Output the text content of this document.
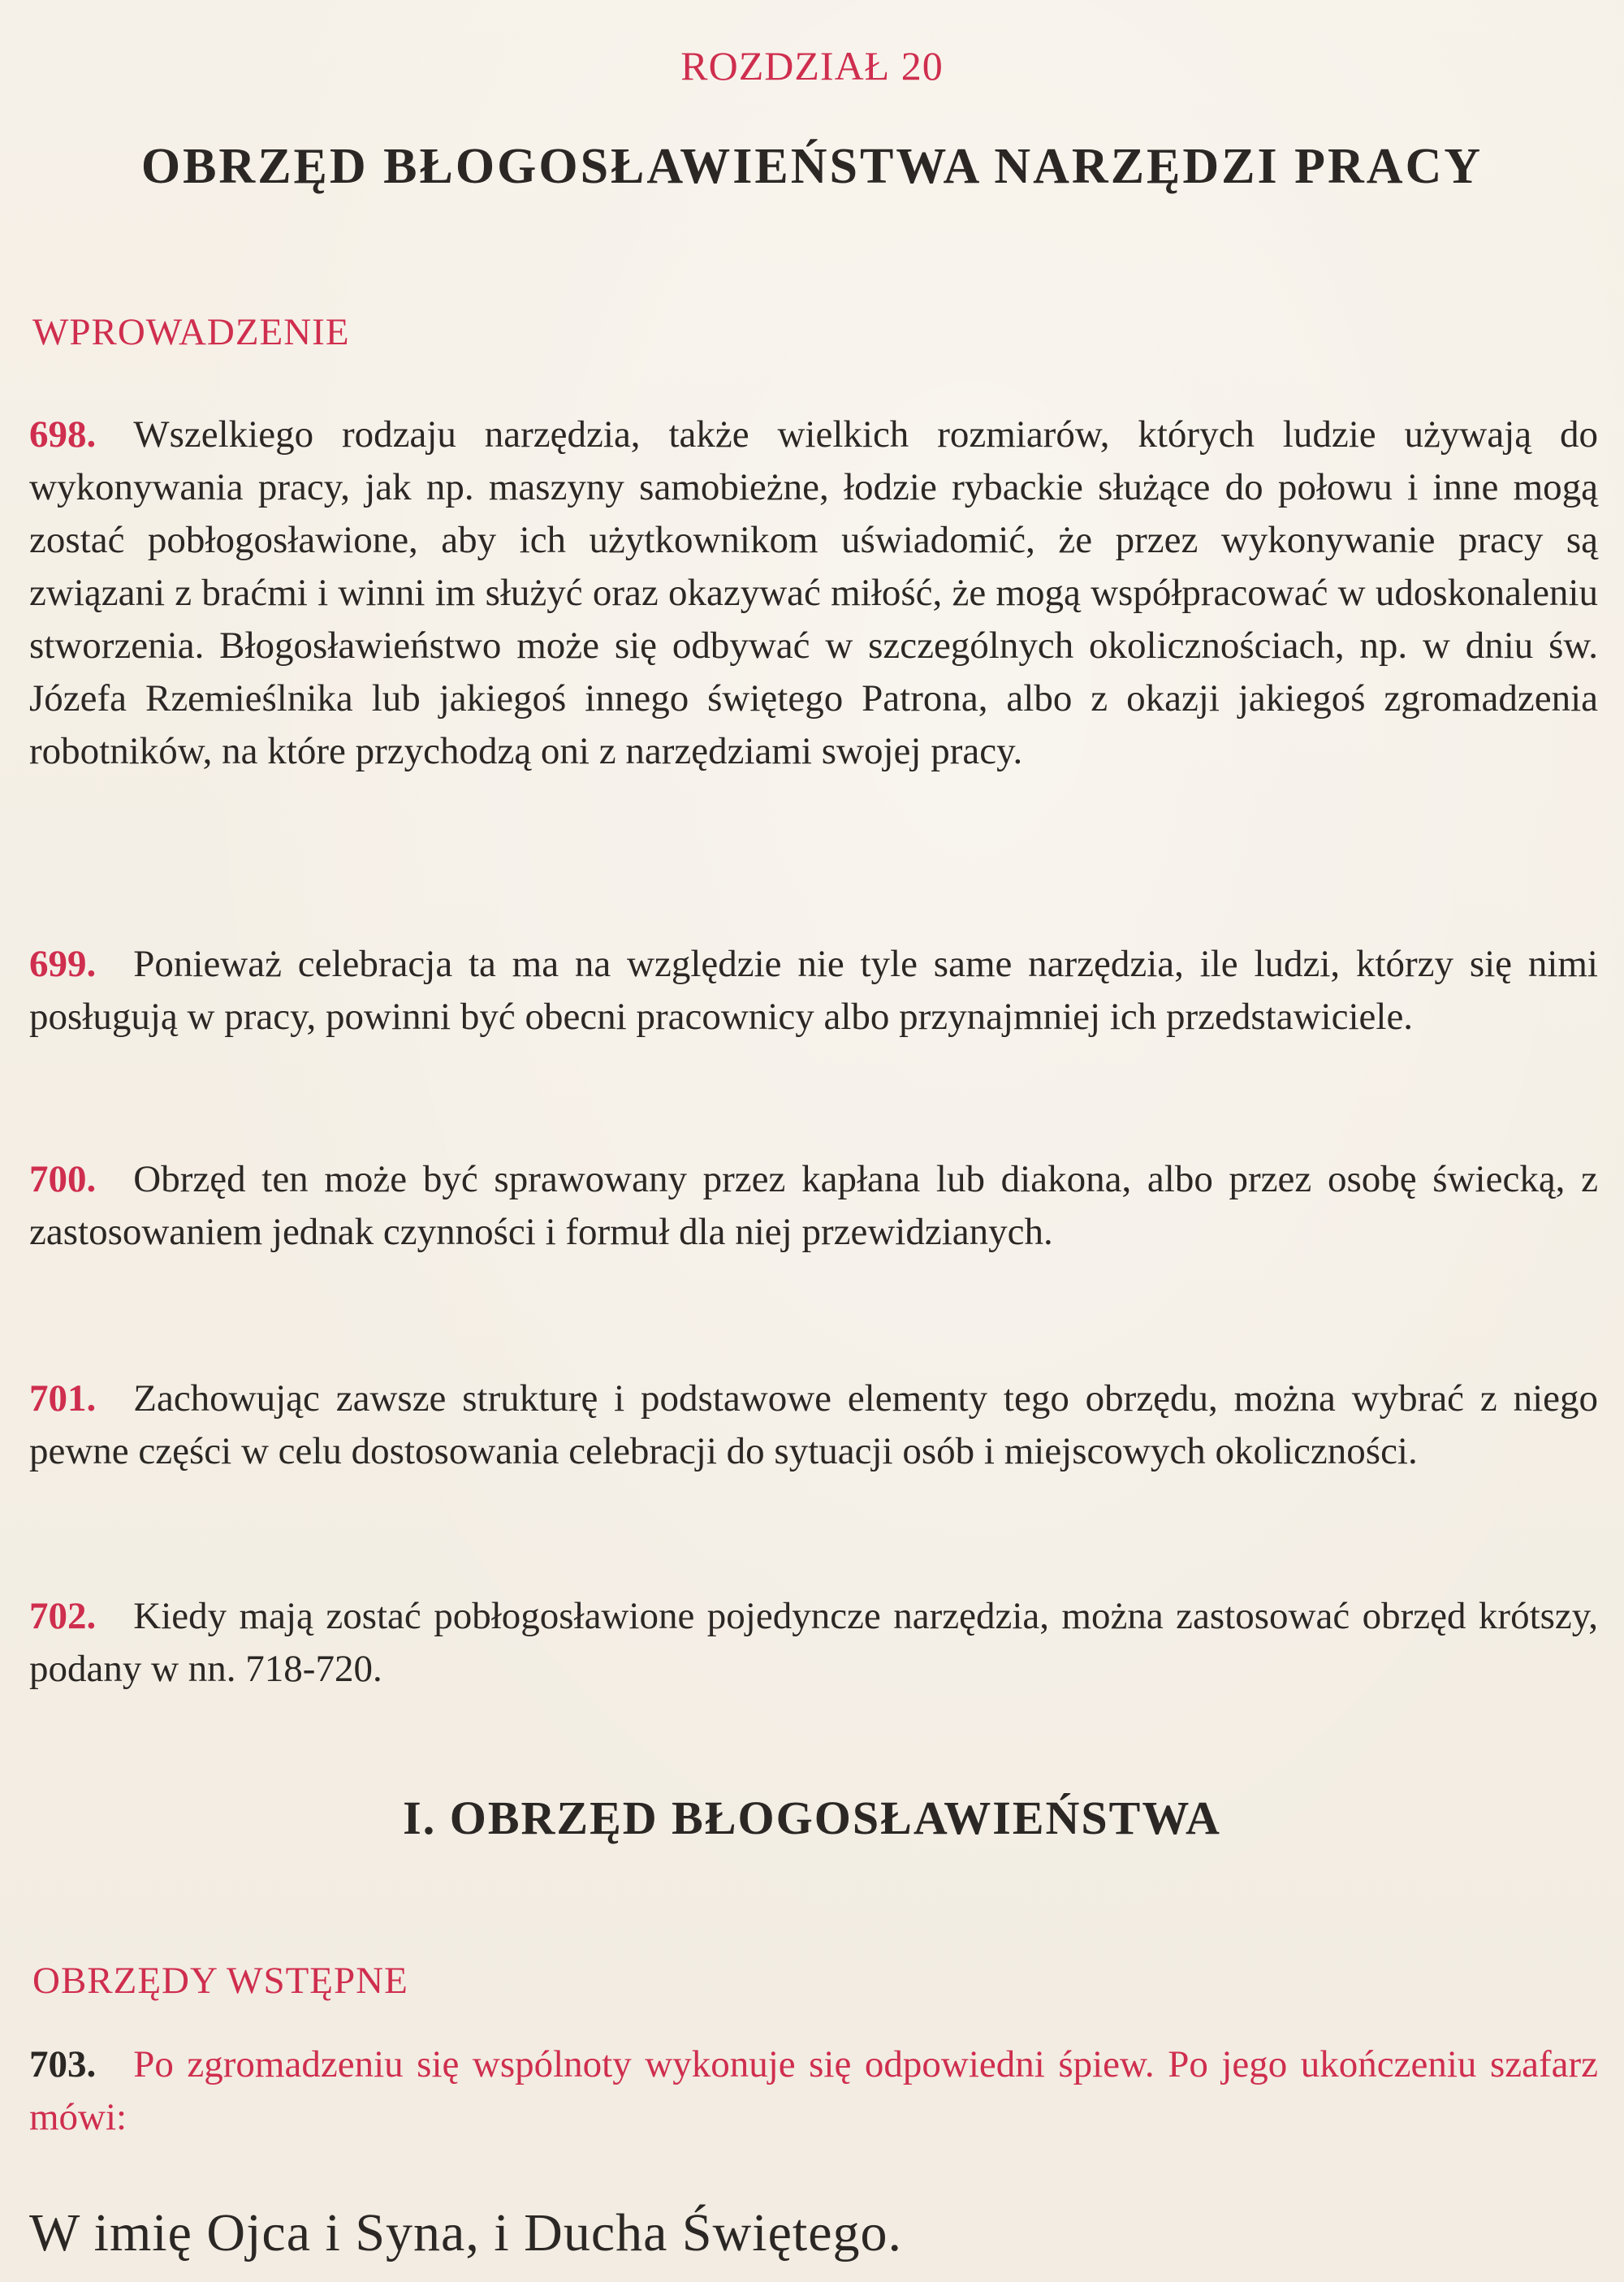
ROZDZIAŁ 20
OBRZĘD BŁOGOSŁAWIEŃSTWA NARZĘDZI PRACY
WPROWADZENIE

698. Wszelkiego rodzaju narzędzia, także wielkich rozmiarów, których ludzie używają do wykonywania pracy, jak np. maszyny samobieżne, łodzie rybackie służące do połowu i inne mogą zostać pobłogosławione, aby ich użytkownikom uświadomić, że przez wykonywanie pracy są związani z braćmi i winni im służyć oraz okazywać miłość, że mogą współpracować w udoskonaleniu stworzenia. Błogosławieństwo może się odbywać w szczególnych okolicznościach, np. w dniu św. Józefa Rzemieślnika lub jakiegoś innego świętego Patrona, albo z okazji jakiegoś zgromadzenia robotników, na które przychodzą oni z narzędziami swojej pracy.

699. Ponieważ celebracja ta ma na względzie nie tyle same narzędzia, ile ludzi, którzy się nimi posługują w pracy, powinni być obecni pracownicy albo przynajmniej ich przedstawiciele.

700. Obrzęd ten może być sprawowany przez kapłana lub diakona, albo przez osobę świecką, z zastosowaniem jednak czynności i formuł dla niej przewidzianych.

701. Zachowując zawsze strukturę i podstawowe elementy tego obrzędu, można wybrać z niego pewne części w celu dostosowania celebracji do sytuacji osób i miejscowych okoliczności.

702. Kiedy mają zostać pobłogosławione pojedyncze narzędzia, można zastosować obrzęd krótszy, podany w nn. 718-720.

I. OBRZĘD BŁOGOSŁAWIEŃSTWA
OBRZĘDY WSTĘPNE

703. Po zgromadzeniu się wspólnoty wykonuje się odpowiedni śpiew. Po jego ukończeniu szafarz mówi:

W imię Ojca i Syna, i Ducha Świętego.
